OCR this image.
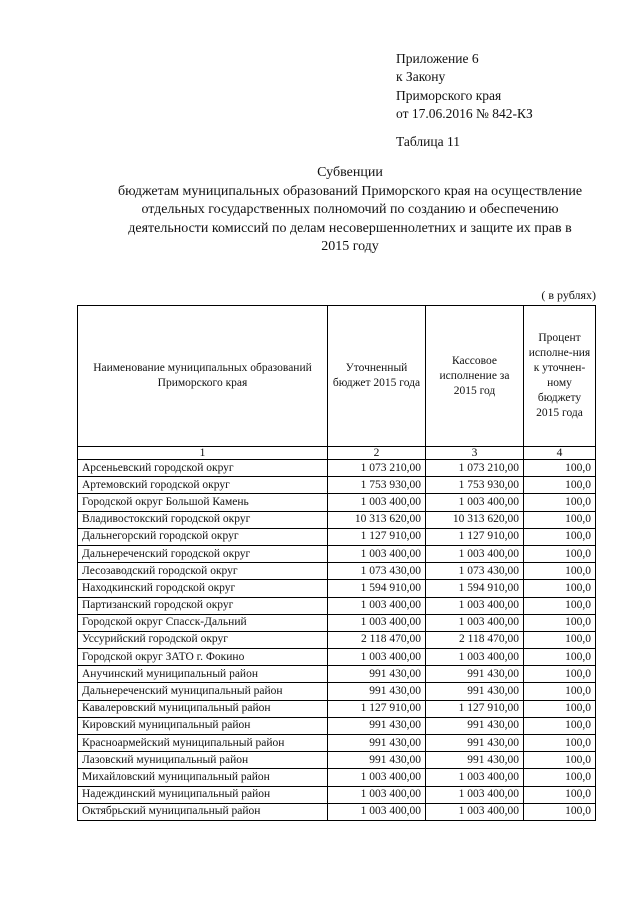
Приложение 6
к Закону
Приморского края
от 17.06.2016 № 842-КЗ
Таблица 11
Субвенции
бюджетам муниципальных образований Приморского края на осуществление
отдельных государственных полномочий по созданию и обеспечению
деятельности комиссий по делам несовершеннолетних и защите их прав в
2015 году
( в рублях)
Наименование муниципальных образований Приморского края	Уточненный бюджет 2015 года	Кассовое исполнение за 2015 год	Процент исполне-ния к уточнен-ному бюджету 2015 года
1	2	3	4
Арсеньевский городской округ	1 073 210,00	1 073 210,00	100,0
Артемовский городской округ	1 753 930,00	1 753 930,00	100,0
Городской округ Большой Камень	1 003 400,00	1 003 400,00	100,0
Владивостокский городской округ	10 313 620,00	10 313 620,00	100,0
Дальнегорский городской округ	1 127 910,00	1 127 910,00	100,0
Дальнереченский городской округ	1 003 400,00	1 003 400,00	100,0
Лесозаводский городской округ	1 073 430,00	1 073 430,00	100,0
Находкинский городской округ	1 594 910,00	1 594 910,00	100,0
Партизанский городской округ	1 003 400,00	1 003 400,00	100,0
Городской округ Спасск-Дальний	1 003 400,00	1 003 400,00	100,0
Уссурийский городской округ	2 118 470,00	2 118 470,00	100,0
Городской округ ЗАТО г. Фокино	1 003 400,00	1 003 400,00	100,0
Анучинский муниципальный район	991 430,00	991 430,00	100,0
Дальнереченский муниципальный район	991 430,00	991 430,00	100,0
Кавалеровский муниципальный район	1 127 910,00	1 127 910,00	100,0
Кировский муниципальный район	991 430,00	991 430,00	100,0
Красноармейский муниципальный район	991 430,00	991 430,00	100,0
Лазовский муниципальный район	991 430,00	991 430,00	100,0
Михайловский муниципальный район	1 003 400,00	1 003 400,00	100,0
Надеждинский муниципальный район	1 003 400,00	1 003 400,00	100,0
Октябрьский муниципальный район	1 003 400,00	1 003 400,00	100,0
